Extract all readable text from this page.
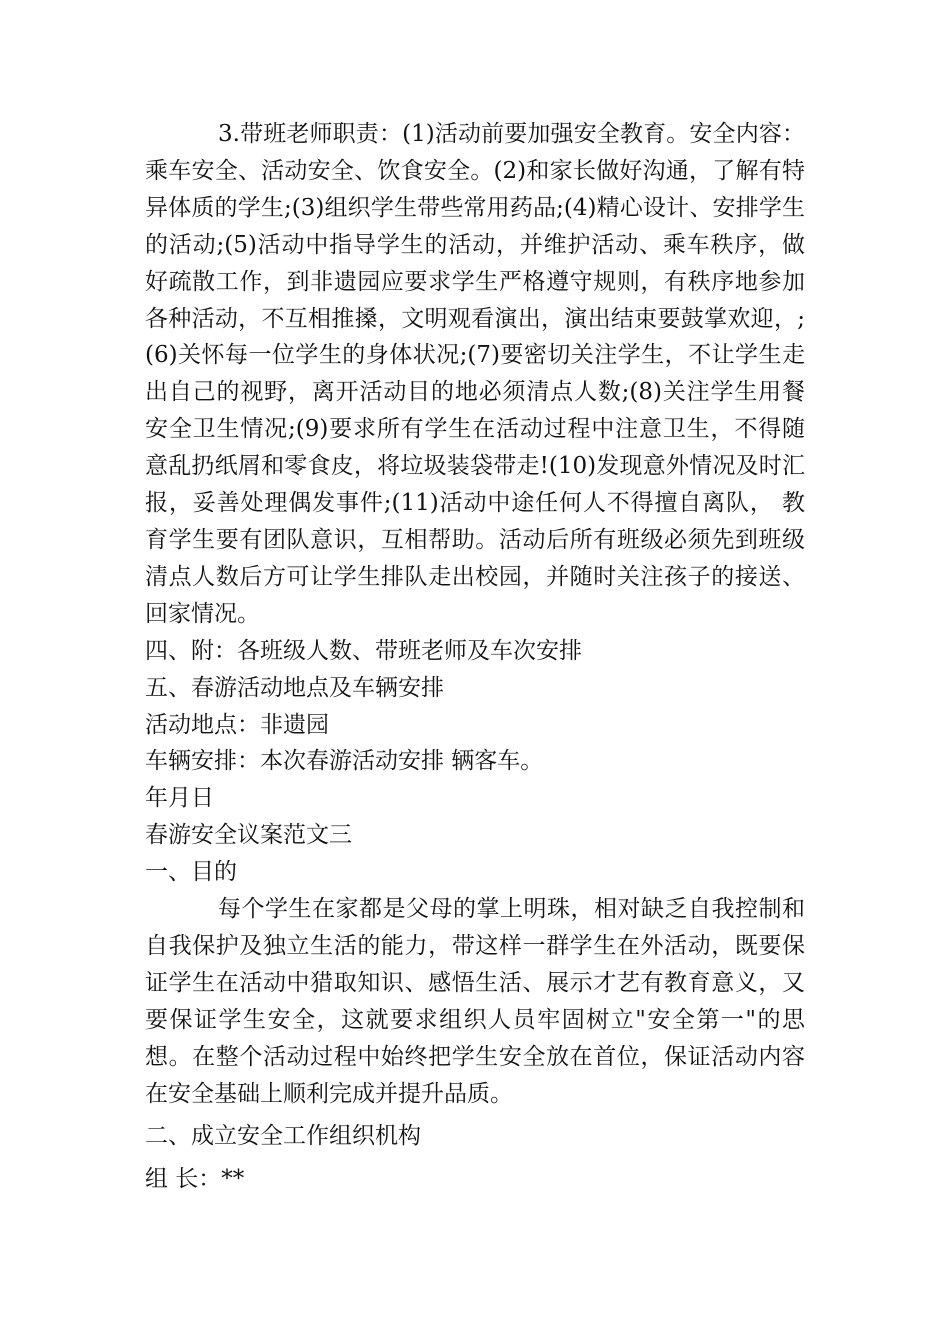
3.带班老师职责：(1)活动前要加强安全教育。安全内容：乘车安全、活动安全、饮食安全。(2)和家长做好沟通，了解有特异体质的学生;(3)组织学生带些常用药品;(4)精心设计、安排学生的活动;(5)活动中指导学生的活动，并维护活动、乘车秩序，做好疏散工作，到非遗园应要求学生严格遵守规则，有秩序地参加各种活动，不互相推搡，文明观看演出，演出结束要鼓掌欢迎，;(6)关怀每一位学生的身体状况;(7)要密切关注学生，不让学生走出自己的视野，离开活动目的地必须清点人数;(8)关注学生用餐安全卫生情况;(9)要求所有学生在活动过程中注意卫生，不得随意乱扔纸屑和零食皮，将垃圾装袋带走!(10)发现意外情况及时汇报，妥善处理偶发事件;(11)活动中途任何人不得擅自离队， 教育学生要有团队意识，互相帮助。活动后所有班级必须先到班级清点人数后方可让学生排队走出校园，并随时关注孩子的接送、回家情况。

四、附：各班级人数、带班老师及车次安排

五、春游活动地点及车辆安排

活动地点：非遗园

车辆安排：本次春游活动安排 辆客车。

年月日

春游安全议案范文三

一、目的

每个学生在家都是父母的掌上明珠，相对缺乏自我控制和自我保护及独立生活的能力，带这样一群学生在外活动，既要保证学生在活动中猎取知识、感悟生活、展示才艺有教育意义，又要保证学生安全，这就要求组织人员牢固树立"安全第一"的思想。在整个活动过程中始终把学生安全放在首位，保证活动内容在安全基础上顺利完成并提升品质。

二、成立安全工作组织机构

组 长：**
